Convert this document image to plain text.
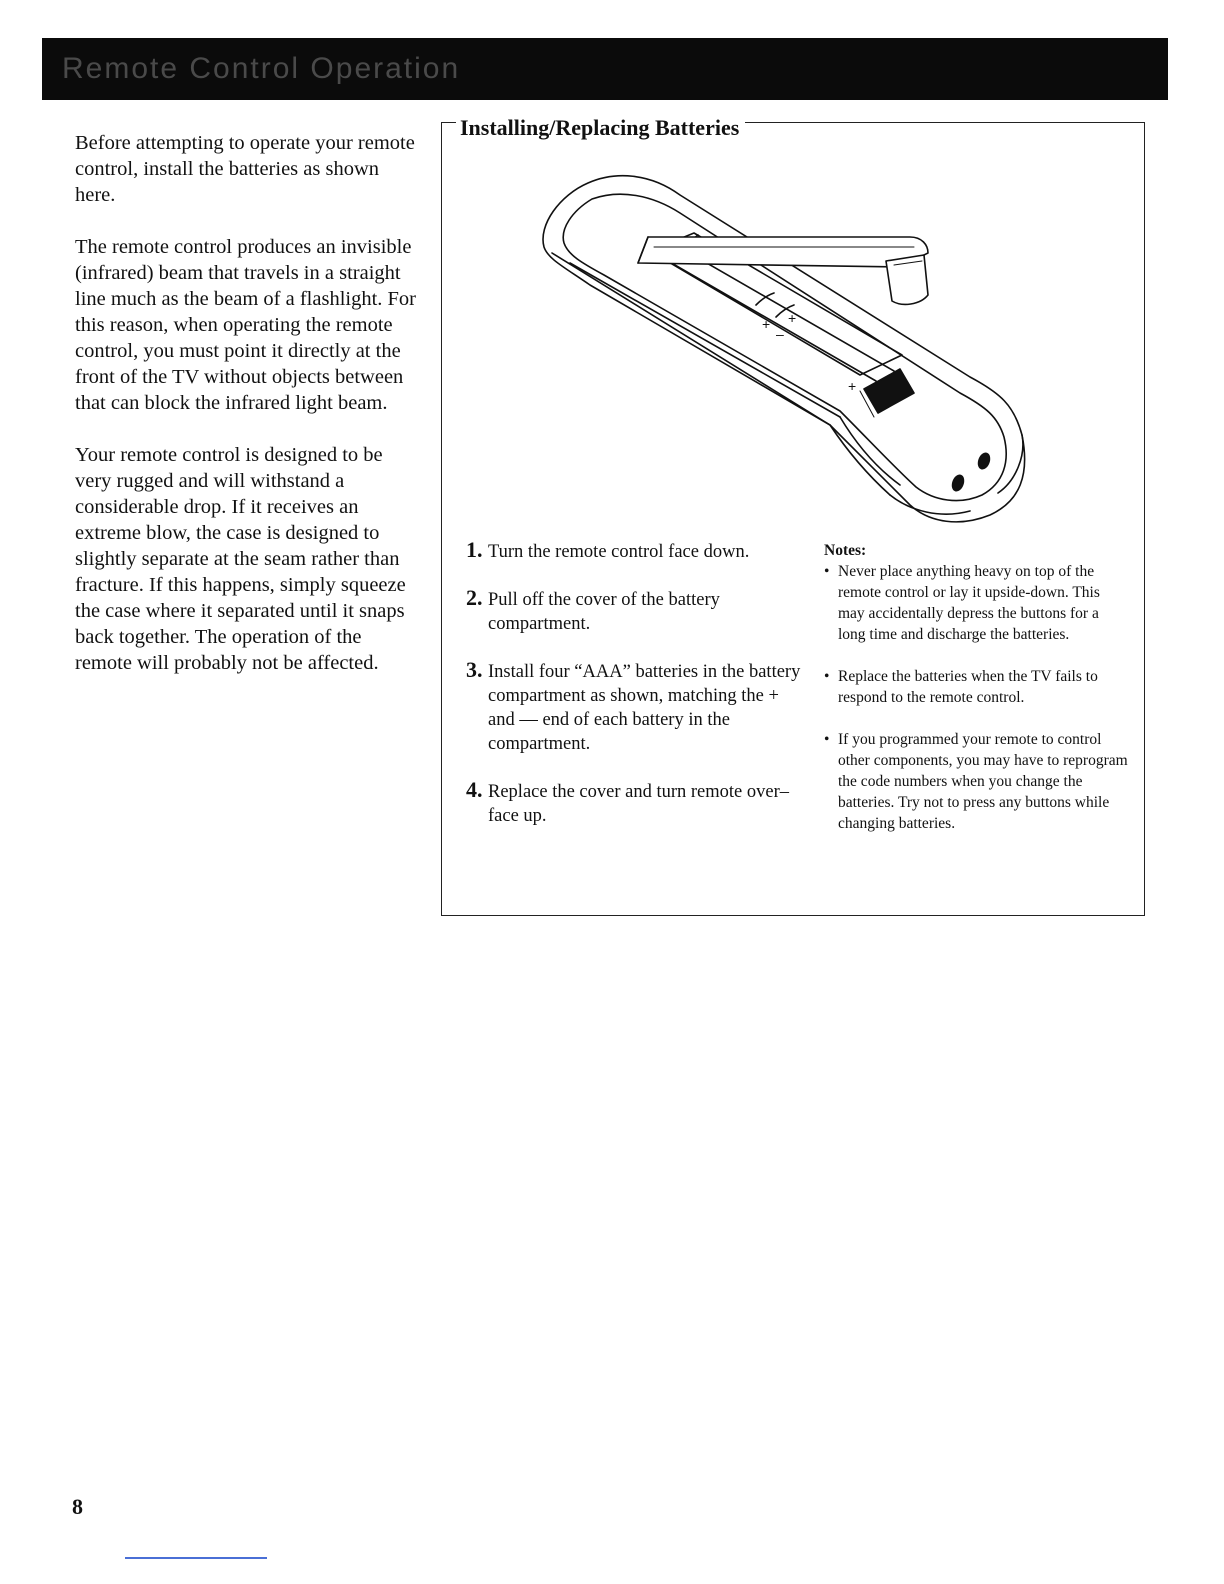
Remote Control Operation

Before attempting to operate your remote control, install the batteries as shown here.

The remote control produces an invisible (infrared) beam that travels in a straight line much as the beam of a flashlight. For this reason, when operating the remote control, you must point it directly at the front of the TV without objects between that can block the infrared light beam.

Your remote control is designed to be very rugged and will withstand a considerable drop. If it receives an extreme blow, the case is designed to slightly separate at the seam rather than fracture. If this happens, simply squeeze the case where it separated until it snaps back together. The operation of the remote will probably not be affected.

Installing/Replacing Batteries
+ +
+
–
1. Turn the remote control face down.
2. Pull off the cover of the battery compartment.
3. Install four “AAA” batteries in the battery compartment as shown, matching the + and — end of each battery in the compartment.
4. Replace the cover and turn remote over–face up.
Notes:
• Never place anything heavy on top of the remote control or lay it upside-down. This may accidentally depress the buttons for a long time and discharge the batteries.
• Replace the batteries when the TV fails to respond to the remote control.
• If you programmed your remote to control other components, you may have to reprogram the code numbers when you change the batteries. Try not to press any buttons while changing batteries.
8
